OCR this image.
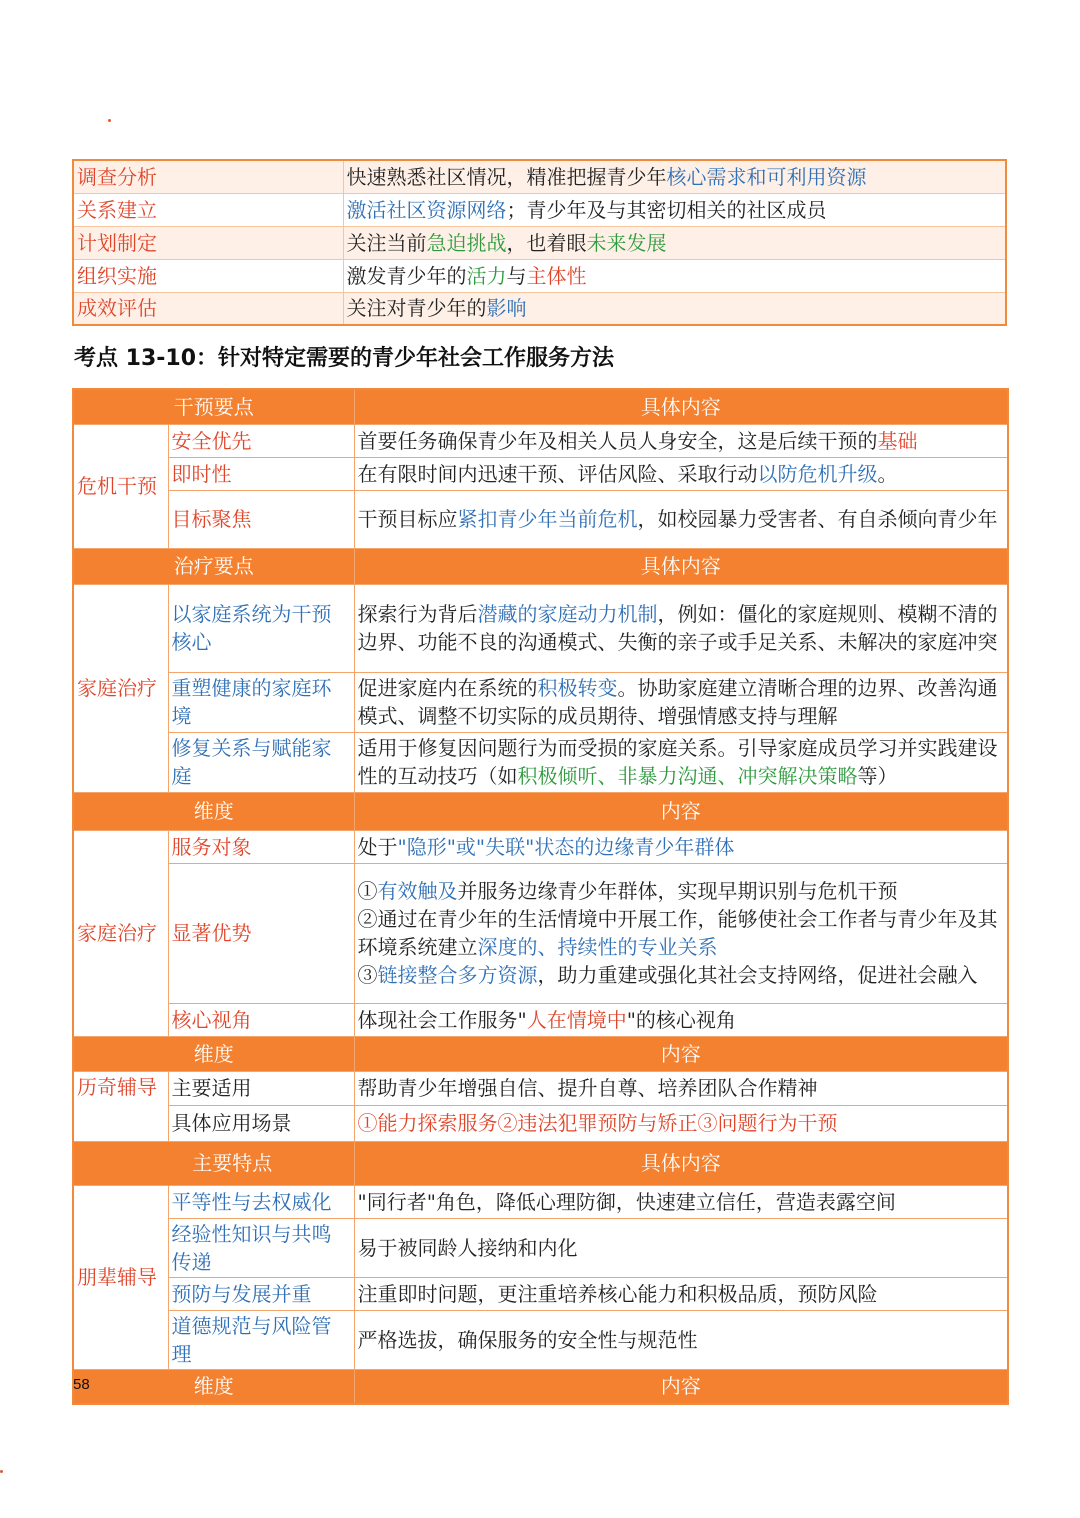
调查分析	快速熟悉社区情况，精准把握青少年核心需求和可利用资源
关系建立	激活社区资源网络；青少年及与其密切相关的社区成员
计划制定	关注当前急迫挑战，也着眼未来发展
组织实施	激发青少年的活力与主体性
成效评估	关注对青少年的影响
考点 13-10：针对特定需要的青少年社会工作服务方法
干预要点		具体内容
危机干预	安全优先	首要任务确保青少年及相关人员人身安全，这是后续干预的基础
	即时性	在有限时间内迅速干预、评估风险、采取行动以防危机升级。
	目标聚焦	干预目标应紧扣青少年当前危机，如校园暴力受害者、有自杀倾向青少年
治疗要点		具体内容
家庭治疗	以家庭系统为干预核心	探索行为背后潜藏的家庭动力机制，例如：僵化的家庭规则、模糊不清的边界、功能不良的沟通模式、失衡的亲子或手足关系、未解决的家庭冲突
	重塑健康的家庭环境	促进家庭内在系统的积极转变。协助家庭建立清晰合理的边界、改善沟通模式、调整不切实际的成员期待、增强情感支持与理解
	修复关系与赋能家庭	适用于修复因问题行为而受损的家庭关系。引导家庭成员学习并实践建设性的互动技巧（如积极倾听、非暴力沟通、冲突解决策略等）
维度		内容
家庭治疗	服务对象	处于"隐形"或"失联"状态的边缘青少年群体
	显著优势	①有效触及并服务边缘青少年群体，实现早期识别与危机干预
②通过在青少年的生活情境中开展工作，能够使社会工作者与青少年及其环境系统建立深度的、持续性的专业关系
③链接整合多方资源，助力重建或强化其社会支持网络，促进社会融入

	核心视角	体现社会工作服务"人在情境中"的核心视角
维度		内容
历奇辅导	主要适用	帮助青少年增强自信、提升自尊、培养团队合作精神
	具体应用场景	①能力探索服务②违法犯罪预防与矫正③问题行为干预
主要特点		具体内容
朋辈辅导	平等性与去权威化	"同行者"角色，降低心理防御，快速建立信任，营造表露空间
	经验性知识与共鸣传递	易于被同龄人接纳和内化
	预防与发展并重	注重即时问题，更注重培养核心能力和积极品质，预防风险
	道德规范与风险管理	严格选拔，确保服务的安全性与规范性
维度		内容
58
